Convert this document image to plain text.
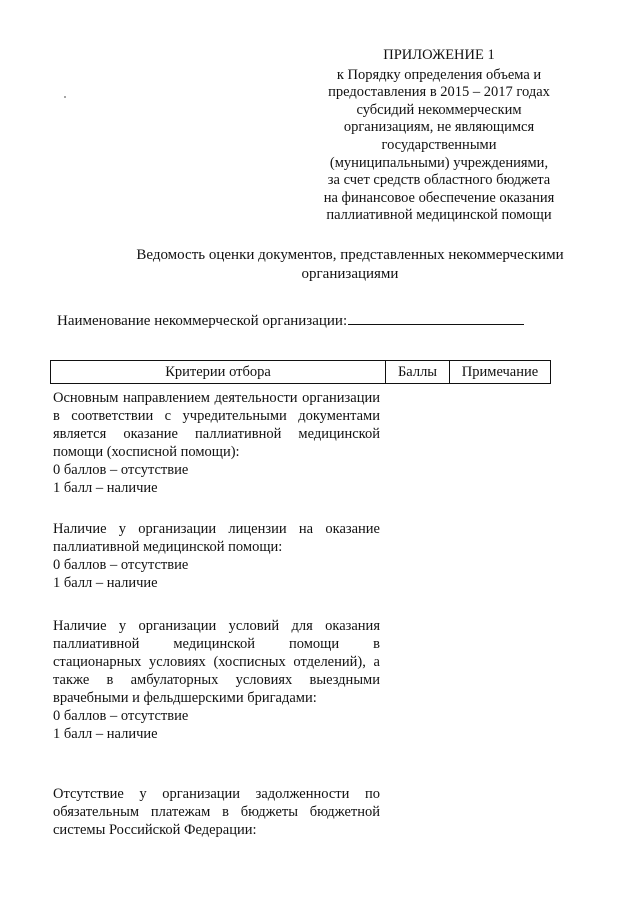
ПРИЛОЖЕНИЕ 1
к Порядку определения объема и
предоставления в 2015 – 2017 годах
субсидий некоммерческим
организациям, не являющимся
государственными
(муниципальными) учреждениями,
за счет средств областного бюджета
на финансовое обеспечение оказания
паллиативной медицинской помощи
Ведомость оценки документов, представленных некоммерческими
организациями
Наименование некоммерческой организации:
Критерии отбора	Баллы	Примечание
Основным направлением деятельности организации в соответствии с учредительными документами является оказание паллиативной медицинской помощи (хосписной помощи):
0 баллов – отсутствие
1 балл – наличие
Наличие у организации лицензии на оказание паллиативной медицинской помощи:
0 баллов – отсутствие
1 балл – наличие
Наличие у организации условий для оказания паллиативной медицинской помощи в стационарных условиях (хосписных отделений), а также в амбулаторных условиях выездными врачебными и фельдшерскими бригадами:
0 баллов – отсутствие
1 балл – наличие
Отсутствие у организации задолженности по обязательным платежам в бюджеты бюджетной системы Российской Федерации:
